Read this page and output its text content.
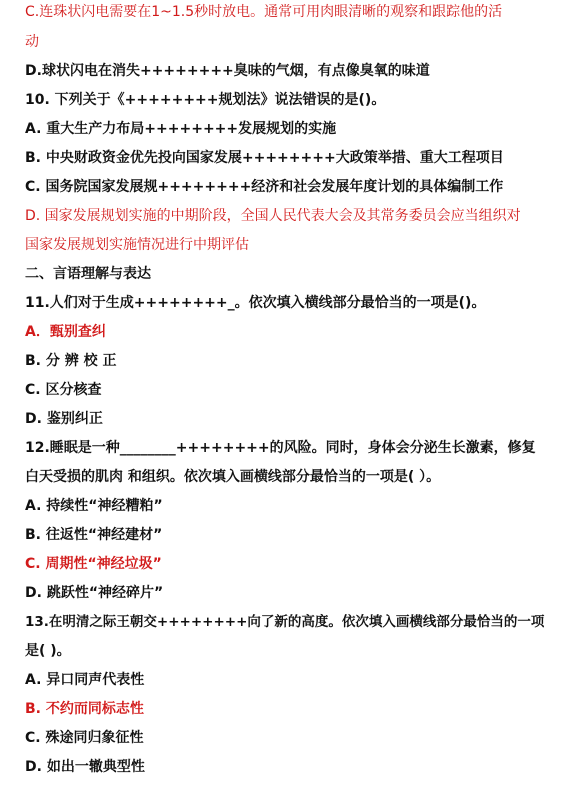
C.连珠状闪电需要在1~1.5秒时放电。通常可用肉眼清晰的观察和跟踪他的活
动
D.球状闪电在消失++++++++臭味的气烟，有点像臭氧的味道
10. 下列关于《++++++++规划法》说法错误的是()。
A. 重大生产力布局++++++++发展规划的实施
B. 中央财政资金优先投向国家发展++++++++大政策举措、重大工程项目
C. 国务院国家发展规++++++++经济和社会发展年度计划的具体编制工作
D. 国家发展规划实施的中期阶段，全国人民代表大会及其常务委员会应当组织对
国家发展规划实施情况进行中期评估
二、言语理解与表达
11.人们对于生成++++++++_。依次填入横线部分最恰当的一项是()。
A．甄别查纠
B. 分 辨 校 正
C. 区分核查
D. 鉴别纠正
12.睡眠是一种________++++++++的风险。同时，身体会分泌生长激素，修复
白天受损的肌肉 和组织。依次填入画横线部分最恰当的一项是( ）。
A. 持续性“神经糟粕”
B. 往返性“神经建材”
C. 周期性“神经垃圾”
D. 跳跃性“神经碎片”
13.在明清之际王朝交++++++++向了新的高度。依次填入画横线部分最恰当的一项
是( )。
A. 异口同声代表性
B. 不约而同标志性
C. 殊途同归象征性
D. 如出一辙典型性
